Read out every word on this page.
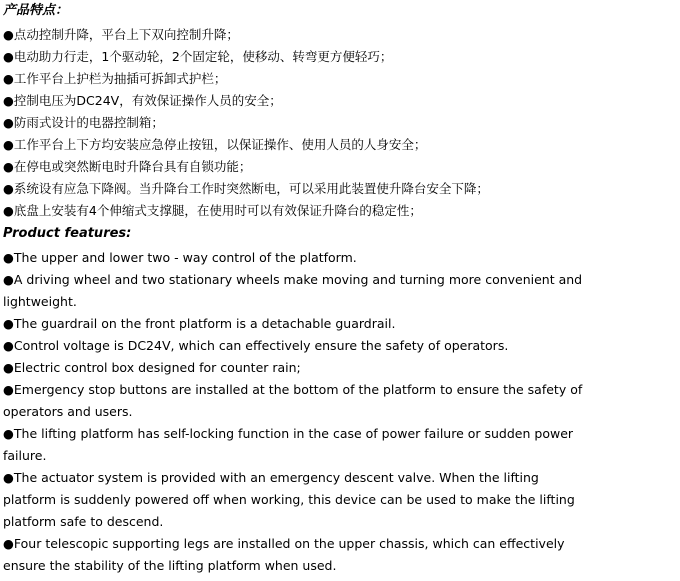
产品特点：
●点动控制升降，平台上下双向控制升降；
●电动助力行走，1个驱动轮，2个固定轮，使移动、转弯更方便轻巧；
●工作平台上护栏为抽插可拆卸式护栏；
●控制电压为DC24V，有效保证操作人员的安全；
●防雨式设计的电器控制箱；
●工作平台上下方均安装应急停止按钮，以保证操作、使用人员的人身安全；
●在停电或突然断电时升降台具有自锁功能；
●系统设有应急下降阀。当升降台工作时突然断电，可以采用此装置使升降台安全下降；
●底盘上安装有4个伸缩式支撑腿，在使用时可以有效保证升降台的稳定性；
Product features:
●The upper and lower two - way control of the platform.
●A driving wheel and two stationary wheels make moving and turning more convenient and lightweight.
●The guardrail on the front platform is a detachable guardrail.
●Control voltage is DC24V, which can effectively ensure the safety of operators.
●Electric control box designed for counter rain;
●Emergency stop buttons are installed at the bottom of the platform to ensure the safety of operators and users.
●The lifting platform has self-locking function in the case of power failure or sudden power failure.
●The actuator system is provided with an emergency descent valve. When the lifting platform is suddenly powered off when working, this device can be used to make the lifting platform safe to descend.
●Four telescopic supporting legs are installed on the upper chassis, which can effectively ensure the stability of the lifting platform when used.
